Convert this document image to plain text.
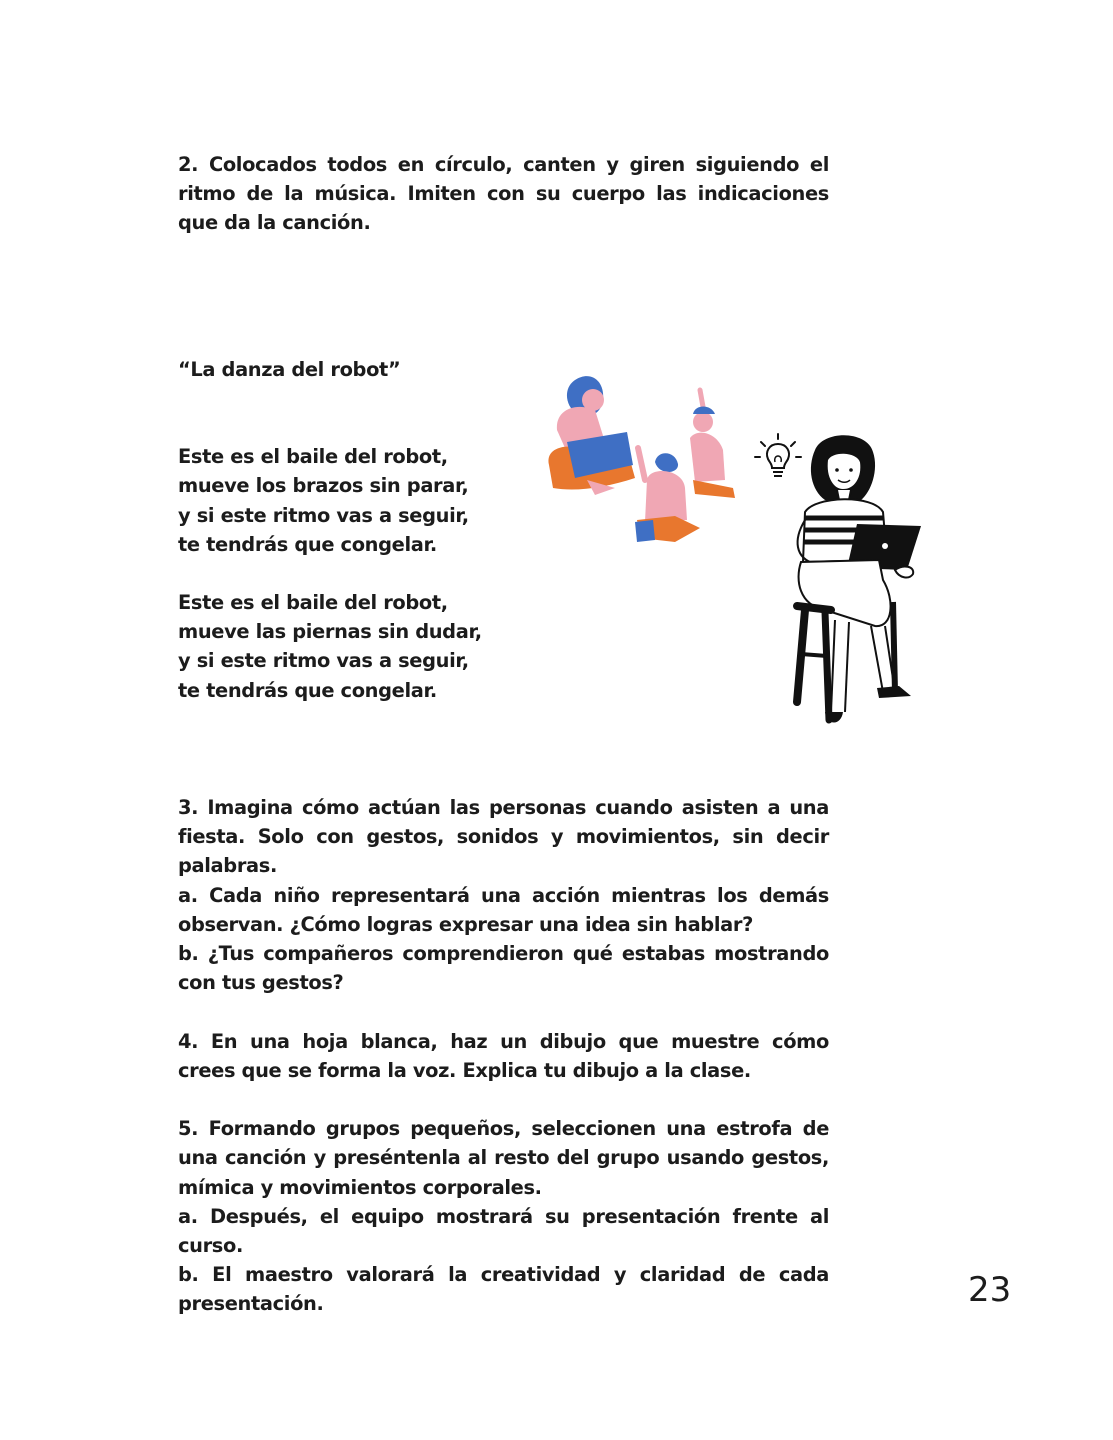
2. Colocados todos en círculo, canten y giren siguiendo el ritmo de la música. Imiten con su cuerpo las indicaciones que da la canción.

“La danza del robot”

Este es el baile del robot,

mueve los brazos sin parar,

y si este ritmo vas a seguir,

te tendrás que congelar.

Este es el baile del robot,

mueve las piernas sin dudar,

y si este ritmo vas a seguir,

te tendrás que congelar.

3. Imagina cómo actúan las personas cuando asisten a una fiesta. Solo con gestos, sonidos y movimientos, sin decir palabras.

a. Cada niño representará una acción mientras los demás observan. ¿Cómo logras expresar una idea sin hablar?

b. ¿Tus compañeros comprendieron qué estabas mostrando con tus gestos?

4. En una hoja blanca, haz un dibujo que muestre cómo crees que se forma la voz. Explica tu dibujo a la clase.

5. Formando grupos pequeños, seleccionen una estrofa de una canción y preséntenla al resto del grupo usando gestos, mímica y movimientos corporales.

a. Después, el equipo mostrará su presentación frente al curso.

b. El maestro valorará la creatividad y claridad de cada presentación.	23
